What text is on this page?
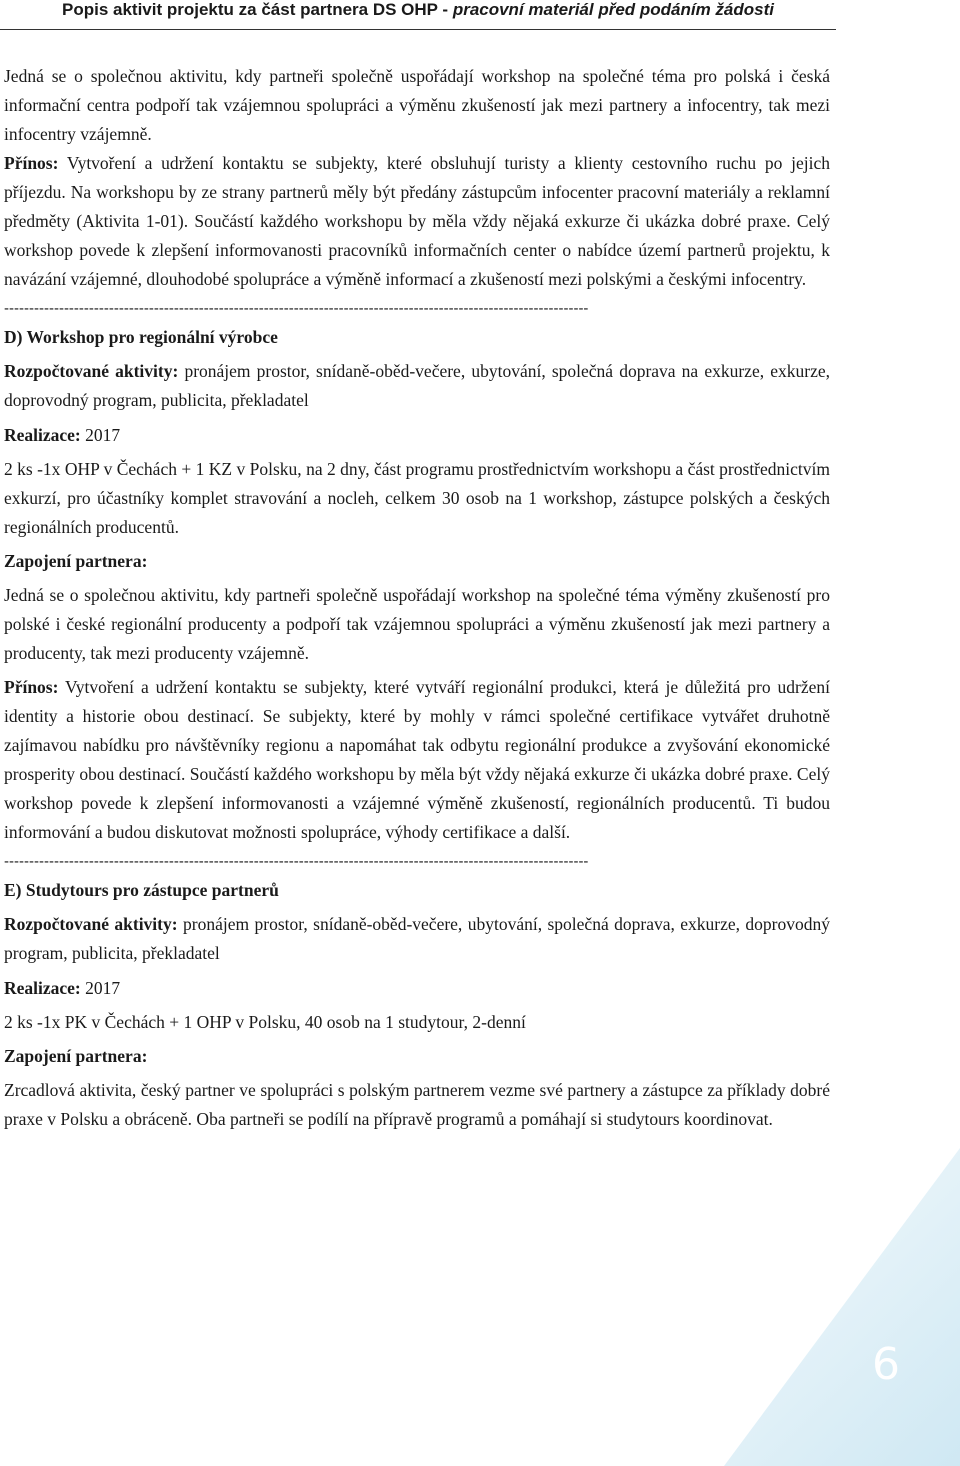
Popis aktivit projektu za část partnera DS OHP - pracovní materiál před podáním žádosti

Jedná se o společnou aktivitu, kdy partneři společně uspořádají workshop na společné téma pro polská i česká informační centra podpoří tak vzájemnou spolupráci a výměnu zkušeností jak mezi partnery a infocentry, tak mezi infocentry vzájemně.

Přínos: Vytvoření a udržení kontaktu se subjekty, které obsluhují turisty a klienty cestovního ruchu po jejich příjezdu. Na workshopu by ze strany partnerů měly být předány zástupcům infocenter pracovní materiály a reklamní předměty (Aktivita 1-01). Součástí každého workshopu by měla vždy nějaká exkurze či ukázka dobré praxe. Celý workshop povede k zlepšení informovanosti pracovníků informačních center o nabídce území partnerů projektu, k navázání vzájemné, dlouhodobé spolupráce a výměně informací a zkušeností mezi polskými a českými infocentry.

---------------------------------------------------------------------------------------------------------------------

D) Workshop pro regionální výrobce

Rozpočtované aktivity: pronájem prostor, snídaně-oběd-večere, ubytování, společná doprava na exkurze, exkurze, doprovodný program, publicita, překladatel

Realizace: 2017

2 ks -1x OHP v Čechách + 1 KZ v Polsku, na 2 dny, část programu prostřednictvím workshopu a část prostřednictvím exkurzí, pro účastníky komplet stravování a nocleh, celkem 30 osob na 1 workshop, zástupce polských a českých regionálních producentů.

Zapojení partnera:

Jedná se o společnou aktivitu, kdy partneři společně uspořádají workshop na společné téma výměny zkušeností pro polské i české regionální producenty a podpoří tak vzájemnou spolupráci a výměnu zkušeností jak mezi partnery a producenty, tak mezi producenty vzájemně.

Přínos: Vytvoření a udržení kontaktu se subjekty, které vytváří regionální produkci, která je důležitá pro udržení identity a historie obou destinací. Se subjekty, které by mohly v rámci společné certifikace vytvářet druhotně zajímavou nabídku pro návštěvníky regionu a napomáhat tak odbytu regionální produkce a zvyšování ekonomické prosperity obou destinací. Součástí každého workshopu by měla být vždy nějaká exkurze či ukázka dobré praxe. Celý workshop povede k zlepšení informovanosti a vzájemné výměně zkušeností, regionálních producentů. Ti budou informování a budou diskutovat možnosti spolupráce, výhody certifikace a další.

---------------------------------------------------------------------------------------------------------------------

E) Studytours pro zástupce partnerů

Rozpočtované aktivity: pronájem prostor, snídaně-oběd-večere, ubytování, společná doprava, exkurze, doprovodný program, publicita, překladatel

Realizace: 2017

2 ks -1x PK v Čechách + 1 OHP v Polsku, 40 osob na 1 studytour, 2-denní

Zapojení partnera:

Zrcadlová aktivita, český partner ve spolupráci s polským partnerem vezme své partnery a zástupce za příklady dobré praxe v Polsku a obráceně. Oba partneři se podílí na přípravě programů a pomáhají si studytours koordinovat.

6
